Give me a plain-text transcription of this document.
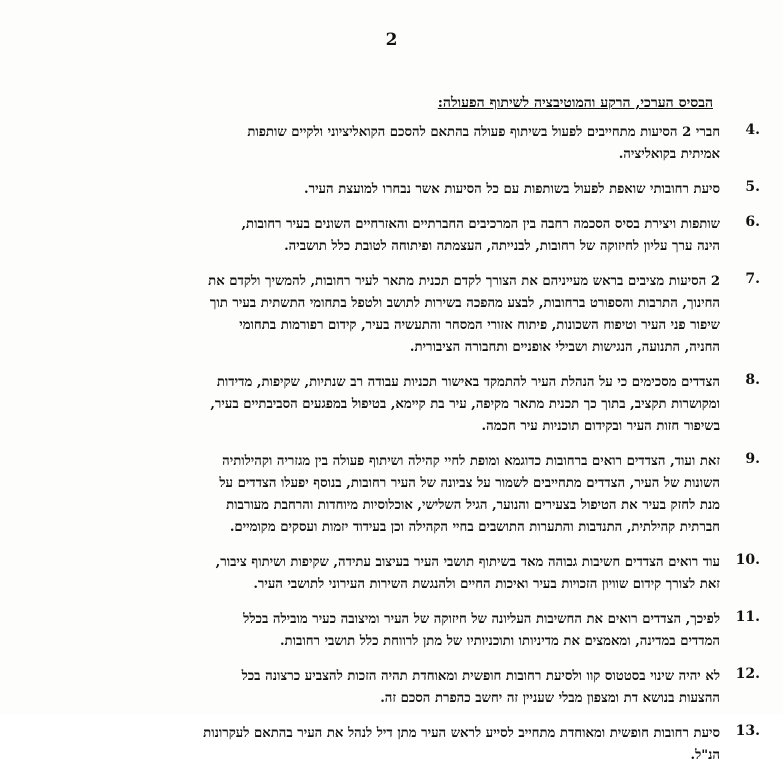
2
הבסיס הערכי, הרקע והמוטיבציה לשיתוף הפעולה:
4.
חברי 2 הסיעות מתחייבים לפעול בשיתוף פעולה בהתאם להסכם הקואליציוני ולקיים שותפות
אמיתית בקואליציה.
5.
סיעת רחובותי שואפת לפעול בשותפות עם כל הסיעות אשר נבחרו למועצת העיר.
6.
שותפות ויצירת בסיס הסכמה רחבה בין המרכיבים החברתיים והאזרחיים השונים בעיר רחובות,
הינה ערך עליון לחיזוקה של רחובות, לבנייתה, העצמתה ופיתוחה לטובת כלל תושביה.
7.
2 הסיעות מציבים בראש מעייניהם את הצורך לקדם תכנית מתאר לעיר רחובות, להמשיך ולקדם את
החינוך, התרבות והספורט ברחובות, לבצע מהפכה בשירות לתושב ולטפל בתחומי התשתית בעיר תוך
שיפור פני העיר וטיפוח השכונות, פיתוח אזורי המסחר והתעשיה בעיר, קידום רפורמות בתחומי
החניה, התנועה, הנגישות ושבילי אופניים ותחבורה הציבורית.
8.
הצדדים מסכימים כי על הנהלת העיר להתמקד באישור תכניות עבודה רב שנתיות, שקיפות, מדידות
ומקושרות תקציב, בתוך כך תכנית מתאר מקיפה, עיר בת קיימא, בטיפול במפגעים הסביבתיים בעיר,
בשיפור חזות העיר ובקידום תוכניות עיר חכמה.
9.
זאת ועוד, הצדדים רואים ברחובות כדוגמא ומופת לחיי קהילה ושיתוף פעולה בין מגזריה וקהילותיה
השונות של העיר, הצדדים מתחייבים לשמור על צביונה של העיר רחובות, בנוסף יפעלו הצדדים על
מנת לחזק בעיר את הטיפול בצעירים והנוער, הגיל השלישי, אוכלוסיות מיוחדות והרחבת מעורבות
חברתית קהילתית, התנדבות והתערות התושבים בחיי הקהילה וכן בעידוד יזמות ועסקים מקומיים.
10.
עוד רואים הצדדים חשיבות גבוהה מאד בשיתוף תושבי העיר בעיצוב עתידה, שקיפות ושיתוף ציבור,
זאת לצורך קידום שוויון הזכויות בעיר ואיכות החיים ולהנגשת השירות העירוני לתושבי העיר.
11.
לפיכך, הצדדים רואים את החשיבות העליונה של חיזוקה של העיר ומיצובה כעיר מובילה בכלל
המדדים במדינה, ומאמצים את מדיניותו ותוכניותיו של מתן לרווחת כלל תושבי רחובות.
12.
לא יהיה שינוי בסטטוס קוו ולסיעת רחובות חופשית ומאוחדת תהיה הזכות להצביע כרצונה בכל
ההצעות בנושא דת ומצפון מבלי שעניין זה יחשב כהפרת הסכם זה.
13.
סיעת רחובות חופשית ומאוחדת מתחייב לסייע לראש העיר מתן דיל לנהל את העיר בהתאם לעקרונות
הנ"ל.
